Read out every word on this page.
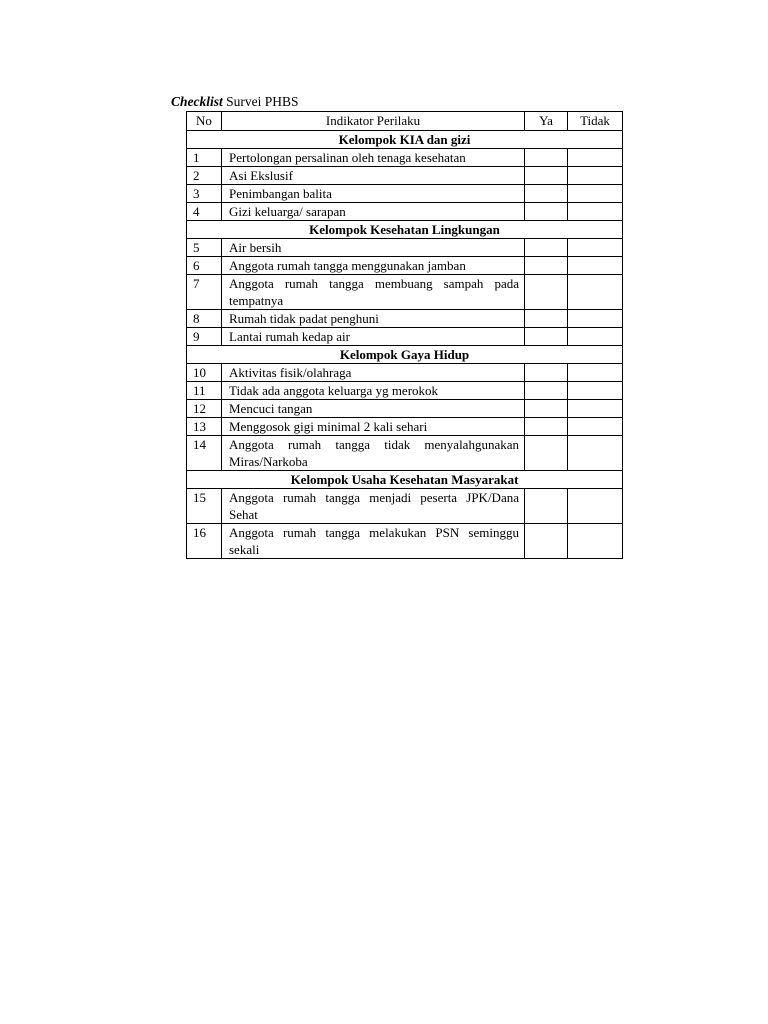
Checklist Survei PHBS
No	Indikator Perilaku	Ya	Tidak
Kelompok KIA dan gizi			
1	Pertolongan persalinan oleh tenaga kesehatan		
2	Asi Ekslusif		
3	Penimbangan balita		
4	Gizi keluarga/ sarapan		
Kelompok Kesehatan Lingkungan			
5	Air bersih		
6	Anggota rumah tangga menggunakan jamban		
7	Anggota rumah tangga membuang sampah pada tempatnya		
8	Rumah tidak padat penghuni		
9	Lantai rumah kedap air		
Kelompok Gaya Hidup			
10	Aktivitas fisik/olahraga		
11	Tidak ada anggota keluarga yg merokok		
12	Mencuci tangan		
13	Menggosok gigi minimal 2 kali sehari		
14	Anggota rumah tangga tidak menyalahgunakan Miras/Narkoba		
Kelompok Usaha Kesehatan Masyarakat			
15	Anggota rumah tangga menjadi peserta JPK/Dana Sehat		
16	Anggota rumah tangga melakukan PSN seminggu sekali		
